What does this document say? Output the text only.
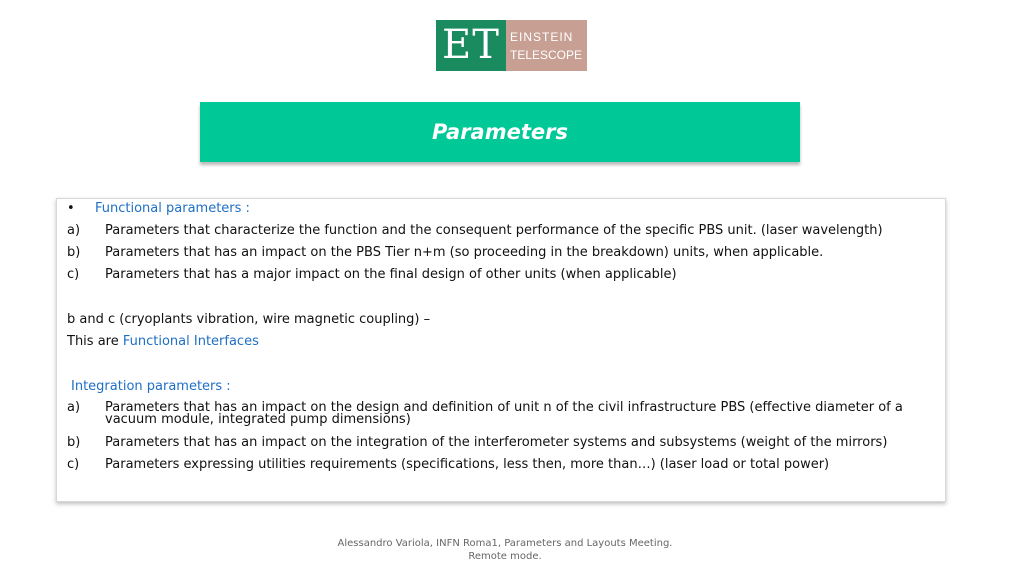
ET EINSTEIN
TELESCOPE
Parameters
• Functional parameters :
a) Parameters that characterize the function and the consequent performance of the specific PBS unit. (laser wavelength)
b) Parameters that has an impact on the PBS Tier n+m (so proceeding in the breakdown) units, when applicable.
c) Parameters that has a major impact on the final design of other units (when applicable)
b and c (cryoplants vibration, wire magnetic coupling) –
This are Functional Interfaces
Integration parameters :
a) Parameters that has an impact on the design and definition of unit n of the civil infrastructure PBS (effective diameter of a vacuum module, integrated pump dimensions)
b) Parameters that has an impact on the integration of the interferometer systems and subsystems (weight of the mirrors)
c) Parameters expressing utilities requirements (specifications, less then, more than…) (laser load or total power)
Alessandro Variola, INFN Roma1, Parameters and Layouts Meeting.
Remote mode.
